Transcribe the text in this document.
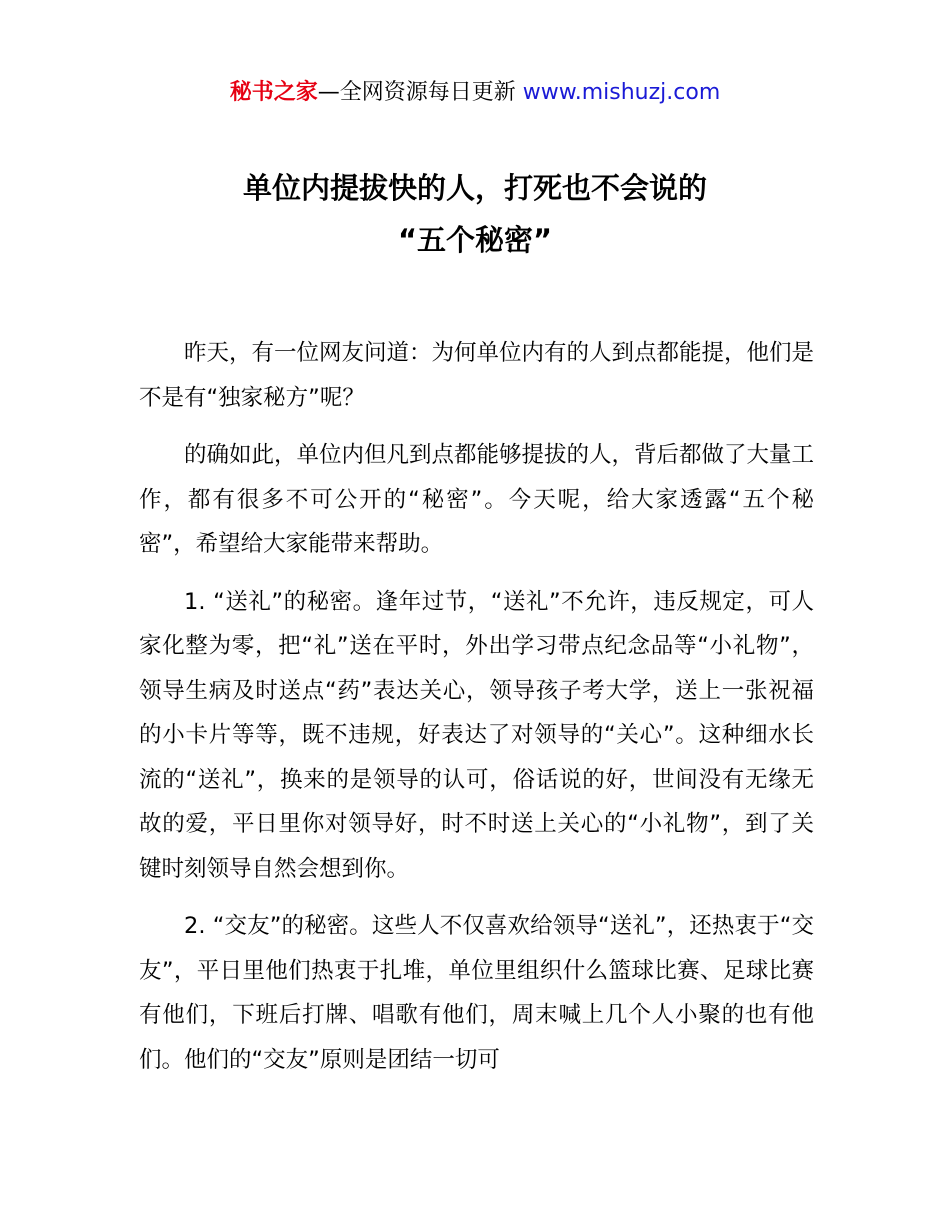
秘书之家—全网资源每日更新 www.mishuzj.com
单位内提拔快的人，打死也不会说的
“五个秘密”

昨天，有一位网友问道：为何单位内有的人到点都能提，他们是不是有“独家秘方”呢？

的确如此，单位内但凡到点都能够提拔的人，背后都做了大量工作，都有很多不可公开的“秘密”。今天呢，给大家透露“五个秘密”，希望给大家能带来帮助。

1. “送礼”的秘密。逢年过节，“送礼”不允许，违反规定，可人家化整为零，把“礼”送在平时，外出学习带点纪念品等“小礼物”，领导生病及时送点“药”表达关心，领导孩子考大学，送上一张祝福的小卡片等等，既不违规，好表达了对领导的“关心”。这种细水长流的“送礼”，换来的是领导的认可，俗话说的好，世间没有无缘无故的爱，平日里你对领导好，时不时送上关心的“小礼物”，到了关键时刻领导自然会想到你。

2. “交友”的秘密。这些人不仅喜欢给领导“送礼”，还热衷于“交友”，平日里他们热衷于扎堆，单位里组织什么篮球比赛、足球比赛有他们，下班后打牌、唱歌有他们，周末喊上几个人小聚的也有他们。他们的“交友”原则是团结一切可
